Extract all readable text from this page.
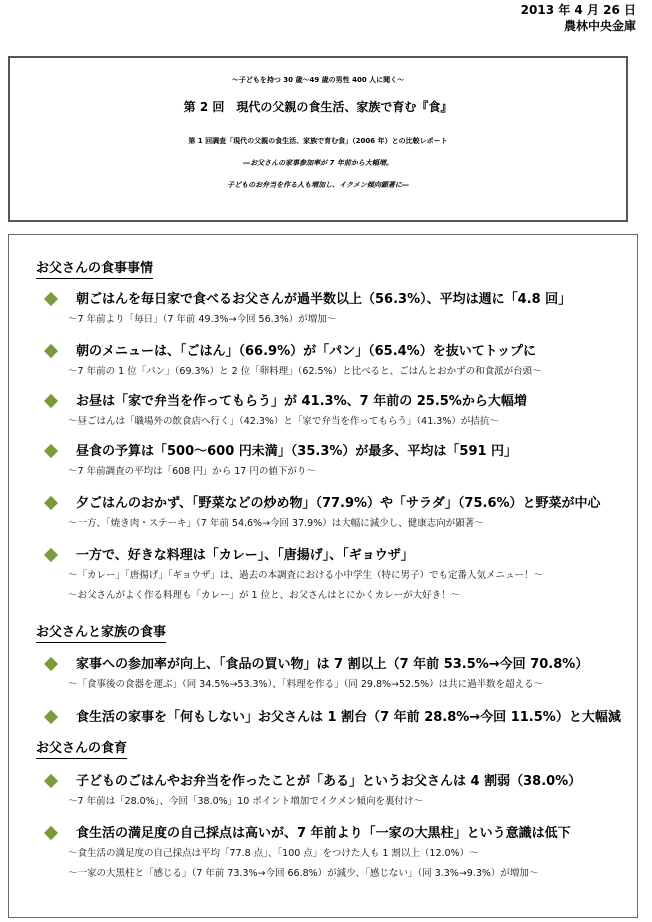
2013 年 4 月 26 日
農林中央金庫
～子どもを持つ 30 歳～49 歳の男性 400 人に聞く～
第 2 回　現代の父親の食生活、家族で育む『食』
第 1 回調査「現代の父親の食生活、家族で育む食」（2006 年）との比較レポート
―お父さんの家事参加率が 7 年前から大幅増。
子どものお弁当を作る人も増加し、イクメン傾向顕著に―
お父さんの食事事情
朝ごはんを毎日家で食べるお父さんが過半数以上（56.3%）、平均は週に「4.8 回」
～7 年前より「毎日」（7 年前 49.3%→今回 56.3%）が増加～
朝のメニューは、「ごはん」（66.9%）が「パン」（65.4%）を抜いてトップに
～7 年前の 1 位「パン」（69.3%）と 2 位「卵料理」（62.5%）と比べると、ごはんとおかずの和食派が台頭～
お昼は「家で弁当を作ってもらう」が 41.3%、7 年前の 25.5%から大幅増
～昼ごはんは「職場外の飲食店へ行く」（42.3%）と「家で弁当を作ってもらう」（41.3%）が拮抗～
昼食の予算は「500～600 円未満」（35.3%）が最多、平均は「591 円」
～7 年前調査の平均は「608 円」から 17 円の値下がり～
夕ごはんのおかず、「野菜などの炒め物」（77.9%）や「サラダ」（75.6%）と野菜が中心
～一方、「焼き肉・ステーキ」（7 年前 54.6%→今回 37.9%）は大幅に減少し、健康志向が顕著～
一方で、好きな料理は「カレー」、「唐揚げ」、「ギョウザ」
～「カレー」「唐揚げ」「ギョウザ」は、過去の本調査における小中学生（特に男子）でも定番人気メニュー！～
～お父さんがよく作る料理も「カレー」が 1 位と、お父さんはとにかくカレーが大好き！～
お父さんと家族の食事
家事への参加率が向上、「食品の買い物」は 7 割以上（7 年前 53.5%→今回 70.8%）
～「食事後の食器を運ぶ」（同 34.5%→53.3%）、「料理を作る」（同 29.8%→52.5%）は共に過半数を超える～
食生活の家事を「何もしない」お父さんは 1 割台（7 年前 28.8%→今回 11.5%）と大幅減
お父さんの食育
子どものごはんやお弁当を作ったことが「ある」というお父さんは 4 割弱（38.0%）
～7 年前は「28.0%」、今回「38.0%」10 ポイント増加でイクメン傾向を裏付け～
食生活の満足度の自己採点は高いが、7 年前より「一家の大黒柱」という意識は低下
～食生活の満足度の自己採点は平均「77.8 点」、「100 点」をつけた人も 1 割以上（12.0%）～
～一家の大黒柱と「感じる」（7 年前 73.3%→今回 66.8%）が減少、「感じない」（同 3.3%→9.3%）が増加～
